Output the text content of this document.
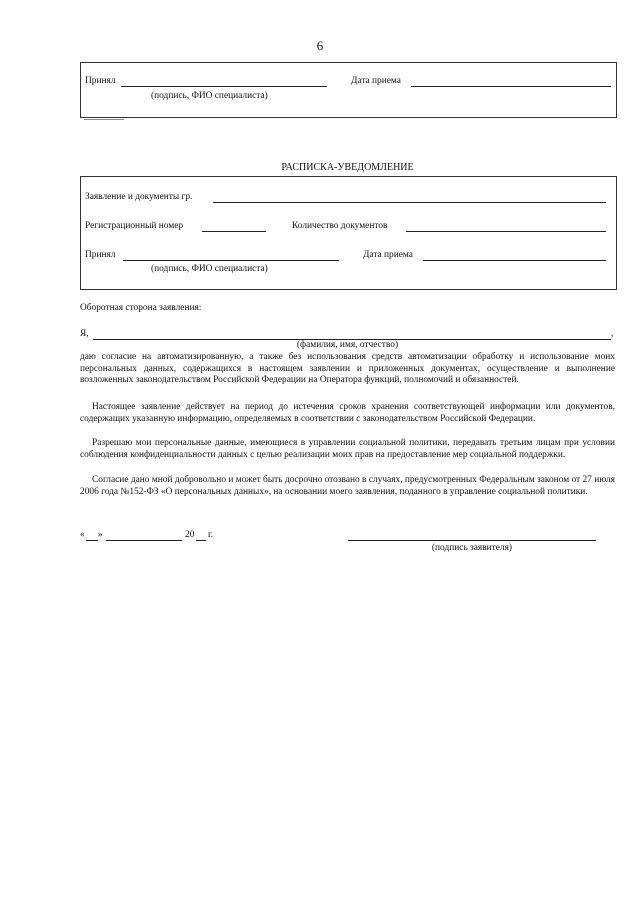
6
Принял
(подпись, ФИО специалиста)
Дата приема
РАСПИСКА-УВЕДОМЛЕНИЕ
Заявление и документы гр.
Регистрационный номер	Количество документов
Принял
(подпись, ФИО специалиста)
Дата приема
Оборотная сторона заявления:
Я,	,
(фамилия, имя, отчество)
даю согласие на автоматизированную, а также без использования средств автоматизации обработку и использование моих персональных данных, содержащихся в настоящем заявлении и приложенных документах, осуществление и выполнение возложенных законодательством Российской Федерации на Оператора функций, полномочий и обязанностей.
Настоящее заявление действует на период до истечения сроков хранения соответствующей информации или документов, содержащих указанную информацию, определяемых в соответствии с законодательством Российской Федерации.
Разрешаю мои персональные данные, имеющиеся в управлении социальной политики, передавать третьим лицам при условии соблюдения конфиденциальности данных с целью реализации моих прав на предоставление мер социальной поддержки.
Согласие дано мной добровольно и может быть досрочно отозвано в случаях, предусмотренных Федеральным законом от 27 июля 2006 года №152-ФЗ «О персональных данных», на основании моего заявления, поданного в управление социальной политики.
« »	20 г.
(подпись заявителя)
